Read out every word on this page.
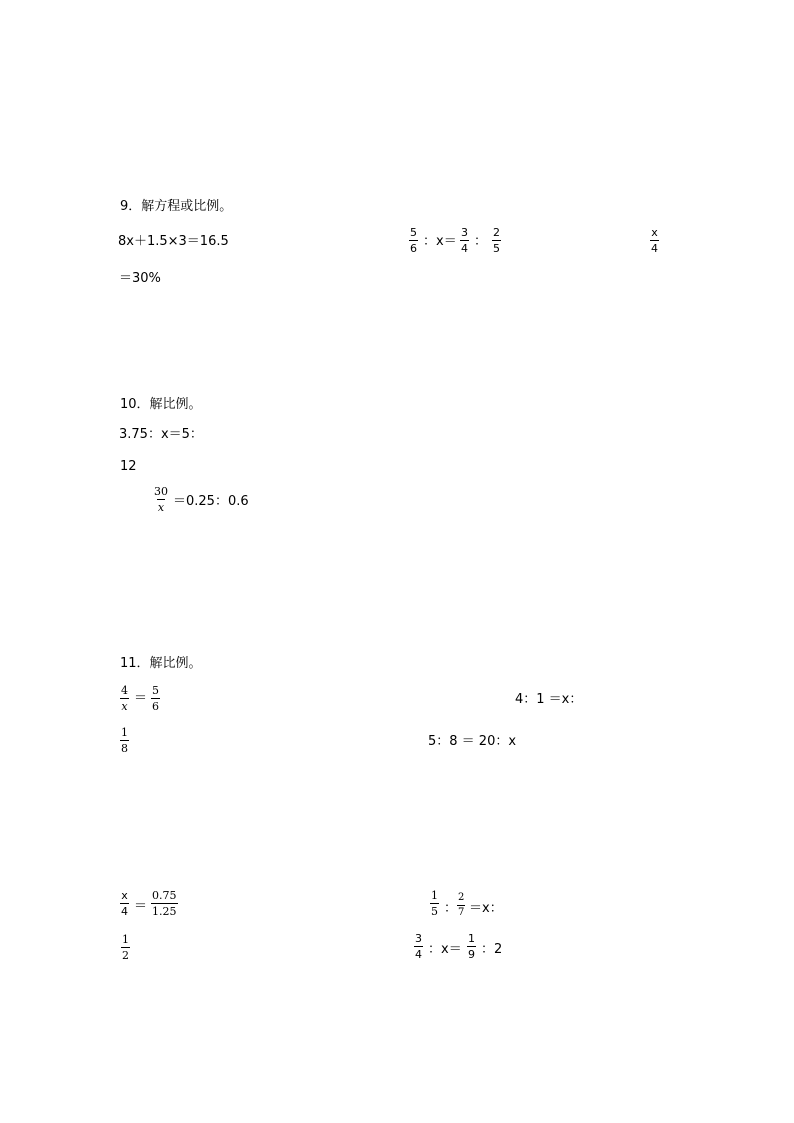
9．解方程或比例。
8x＋1.5×3＝16.5	$\frac{5}{6}$ ：$x= \frac{3}{4}$ ： $\frac{2}{5}$	$\frac{x}{4}$
＝30%
10．解比例。
3.75：x＝5：
12
$\frac{30}{x} =0.25$：0.6
11．解比例。
$\frac{4}{x} = \frac{5}{6}$	4：1 ＝x：
$\frac{1}{8}$	5：8 ＝ 20：x
$\frac{x}{4} = \frac{0.75}{1.25}$	$\frac{1}{5}$ ： $\frac{2}{7} =x$：
$\frac{1}{2}$	$\frac{3}{4}$ ：$x= \frac{1}{9}$ ：2
